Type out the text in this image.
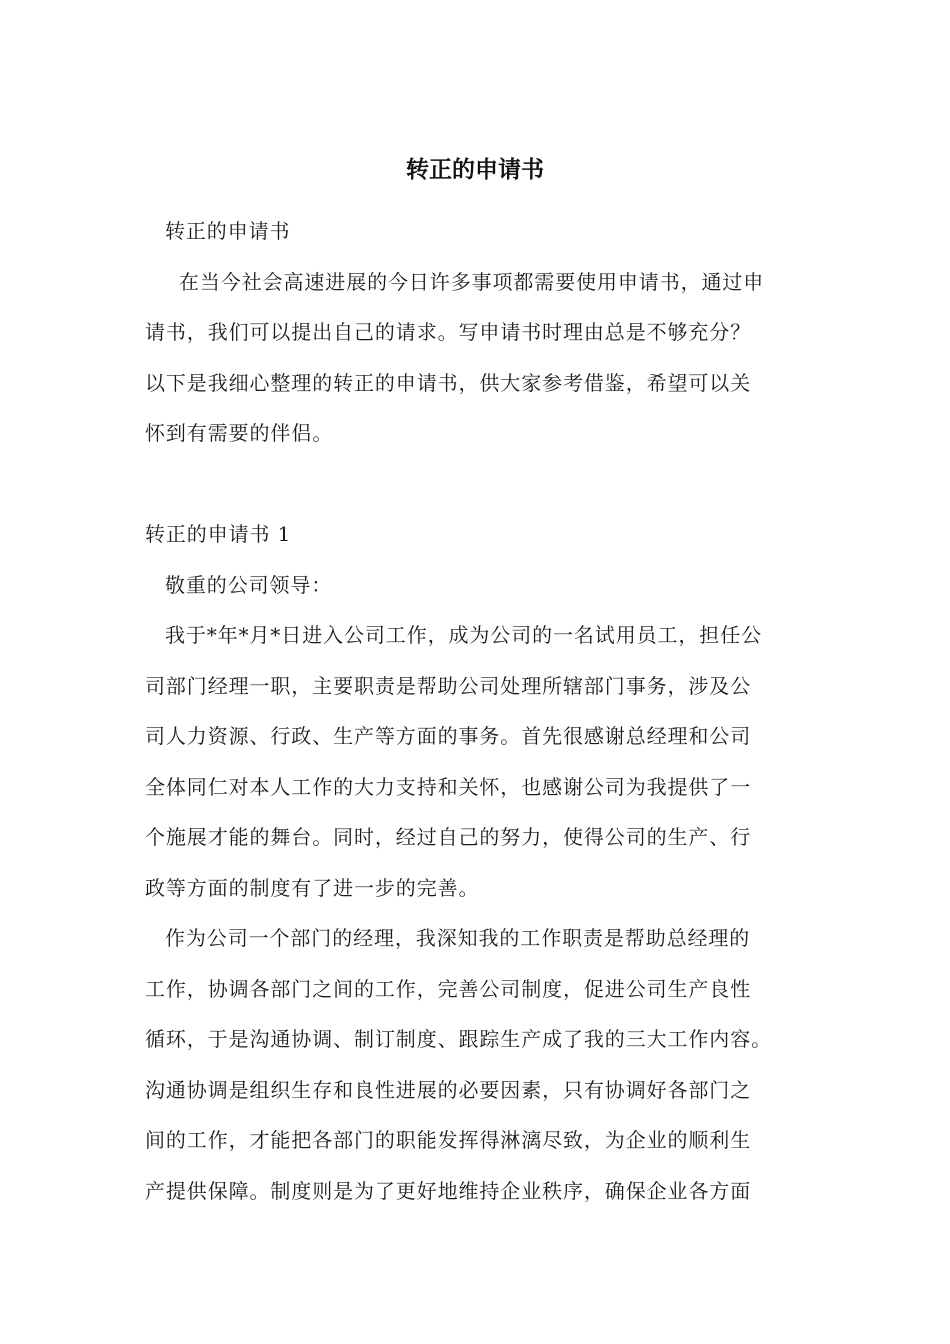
转正的申请书
转正的申请书
在当今社会高速进展的今日许多事项都需要使用申请书，通过申
请书，我们可以提出自己的请求。写申请书时理由总是不够充分？
以下是我细心整理的转正的申请书，供大家参考借鉴，希望可以关
怀到有需要的伴侣。
转正的申请书 1
敬重的公司领导：
我于*年*月*日进入公司工作，成为公司的一名试用员工，担任公
司部门经理一职，主要职责是帮助公司处理所辖部门事务，涉及公
司人力资源、行政、生产等方面的事务。首先很感谢总经理和公司
全体同仁对本人工作的大力支持和关怀，也感谢公司为我提供了一
个施展才能的舞台。同时，经过自己的努力，使得公司的生产、行
政等方面的制度有了进一步的完善。
作为公司一个部门的经理，我深知我的工作职责是帮助总经理的
工作，协调各部门之间的工作，完善公司制度，促进公司生产良性
循环，于是沟通协调、制订制度、跟踪生产成了我的三大工作内容。
沟通协调是组织生存和良性进展的必要因素，只有协调好各部门之
间的工作，才能把各部门的职能发挥得淋漓尽致，为企业的顺利生
产提供保障。制度则是为了更好地维持企业秩序，确保企业各方面
